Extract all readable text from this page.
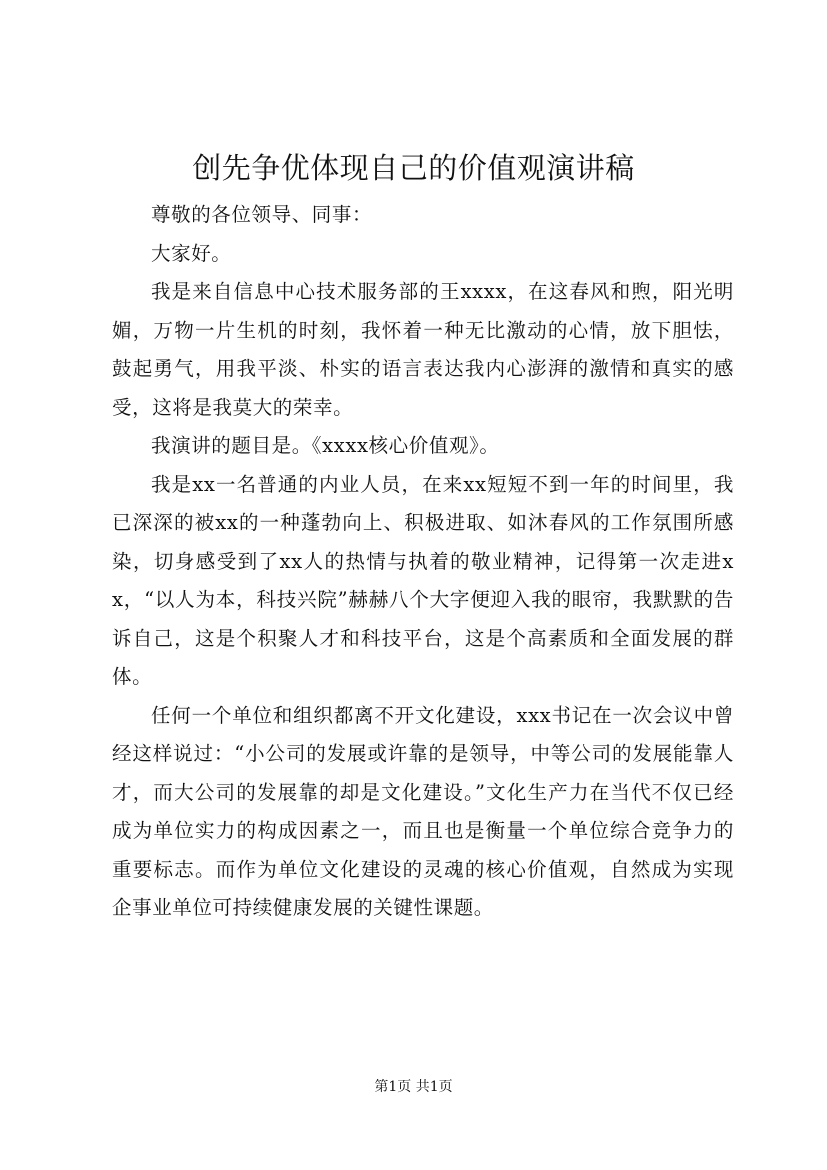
创先争优体现自己的价值观演讲稿

尊敬的各位领导、同事：

大家好。

我是来自信息中心技术服务部的王xxxx，在这春风和煦，阳光明媚，万物一片生机的时刻，我怀着一种无比激动的心情，放下胆怯，鼓起勇气，用我平淡、朴实的语言表达我内心澎湃的激情和真实的感受，这将是我莫大的荣幸。

我演讲的题目是。《xxxx核心价值观》。

我是xx一名普通的内业人员，在来xx短短不到一年的时间里，我已深深的被xx的一种蓬勃向上、积极进取、如沐春风的工作氛围所感染，切身感受到了xx人的热情与执着的敬业精神，记得第一次走进xx，“以人为本，科技兴院”赫赫八个大字便迎入我的眼帘，我默默的告诉自己，这是个积聚人才和科技平台，这是个高素质和全面发展的群体。

任何一个单位和组织都离不开文化建设，xxx书记在一次会议中曾经这样说过：“小公司的发展或许靠的是领导，中等公司的发展能靠人才，而大公司的发展靠的却是文化建设。”文化生产力在当代不仅已经成为单位实力的构成因素之一，而且也是衡量一个单位综合竞争力的重要标志。而作为单位文化建设的灵魂的核心价值观，自然成为实现企事业单位可持续健康发展的关键性课题。

第1页 共1页
